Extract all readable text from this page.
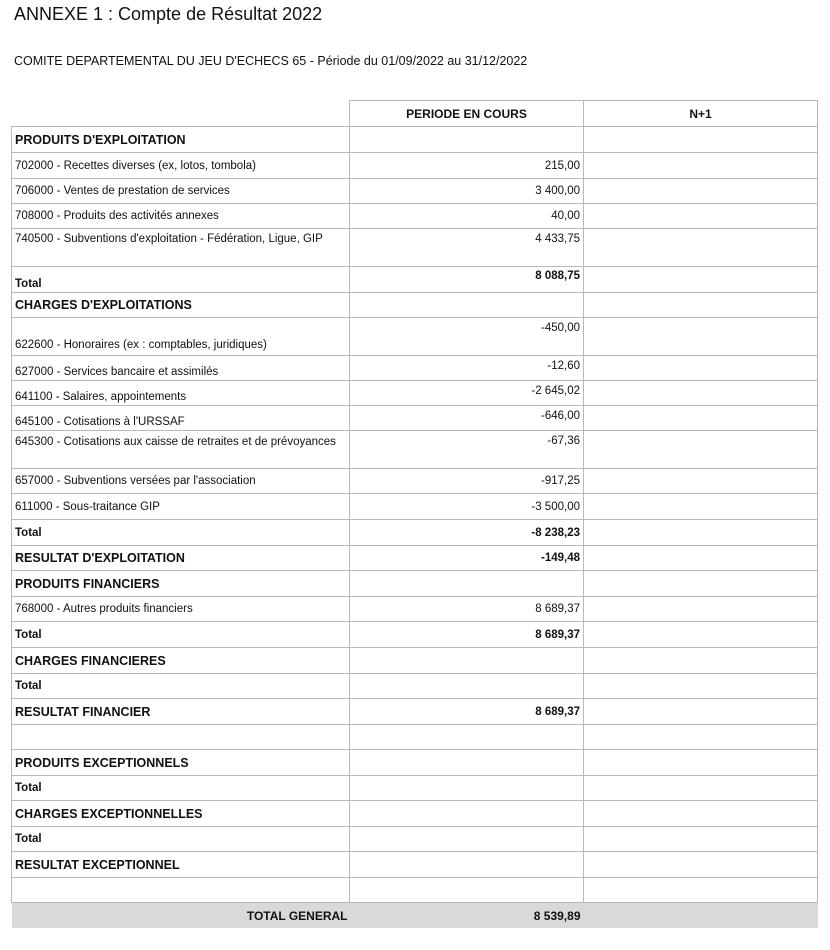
ANNEXE 1 : Compte de Résultat 2022
COMITE DEPARTEMENTAL DU JEU D'ECHECS 65 - Période du 01/09/2022 au 31/12/2022
	PERIODE EN COURS	N+1
PRODUITS D'EXPLOITATION		
702000 - Recettes diverses (ex, lotos, tombola)	215,00	
706000 - Ventes de prestation de services	3 400,00	
708000 - Produits des activités annexes	40,00	
740500 - Subventions d'exploitation - Fédération, Ligue, GIP	4 433,75	
Total	8 088,75	
CHARGES D'EXPLOITATIONS		
622600 - Honoraires (ex : comptables, juridiques)	-450,00	
627000 - Services bancaire et assimilés	-12,60	
641100 - Salaires, appointements	-2 645,02	
645100 - Cotisations à l'URSSAF	-646,00	
645300 - Cotisations aux caisse de retraites et de prévoyances	-67,36	
657000 - Subventions versées par l'association	-917,25	
611000 - Sous-traitance GIP	-3 500,00	
Total	-8 238,23	
RESULTAT D'EXPLOITATION	-149,48	
PRODUITS FINANCIERS		
768000 - Autres produits financiers	8 689,37	
Total	8 689,37	
CHARGES FINANCIERES		
Total		
RESULTAT FINANCIER	8 689,37	

PRODUITS EXCEPTIONNELS		
Total		
CHARGES EXCEPTIONNELLES		
Total		
RESULTAT EXCEPTIONNEL		

TOTAL GENERAL	8 539,89	
